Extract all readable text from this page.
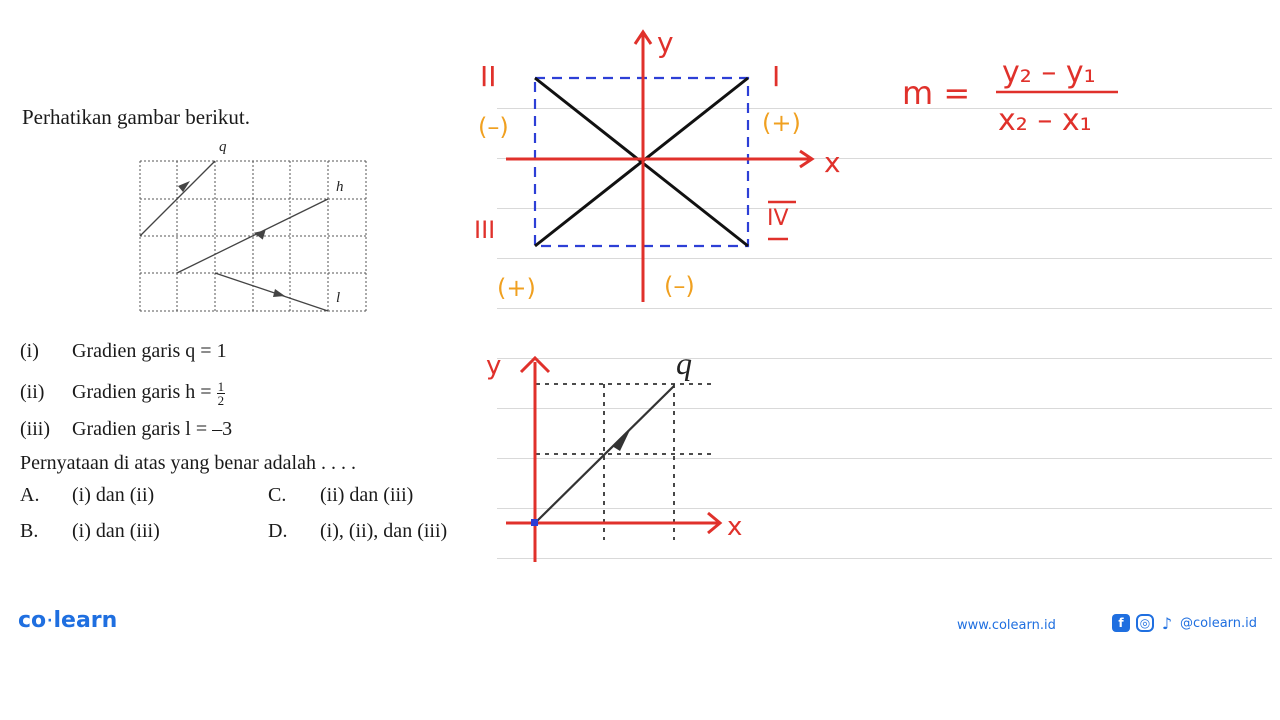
Perhatikan gambar berikut.
(i) Gradien garis q = 1
(ii) Gradien garis $h = \frac{1}{2}$
(iii) Gradien garis l = –3
Pernyataan di atas yang benar adalah . . . .
A. (i) dan (ii)	C. (ii) dan (iii)
B. (i) dan (iii)	D. (i), (ii), dan (iii)
q
h
l
x
y
II	I
III	IV
(–)	(+)
(+)	(–)
m =
y₂ – y₁
x₂ – x₁
y
x
q
co·learn	www.colearn.id	f	◎ ♪ @colearn.id
